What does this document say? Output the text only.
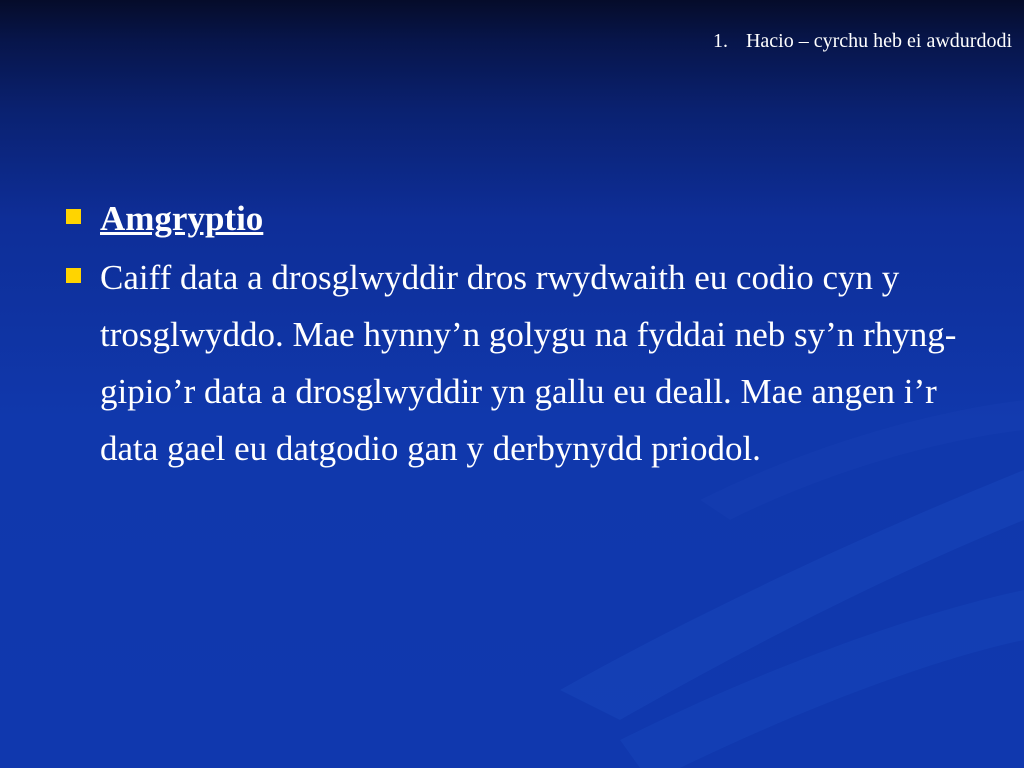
1. Hacio – cyrchu heb ei awdurdodi
Amgryptio
Caiff data a drosglwyddir dros rwydwaith eu codio cyn y trosglwyddo. Mae hynny’n golygu na fyddai neb sy’n rhyng-gipio’r data a drosglwyddir yn gallu eu deall. Mae angen i’r data gael eu datgodio gan y derbynydd priodol.
